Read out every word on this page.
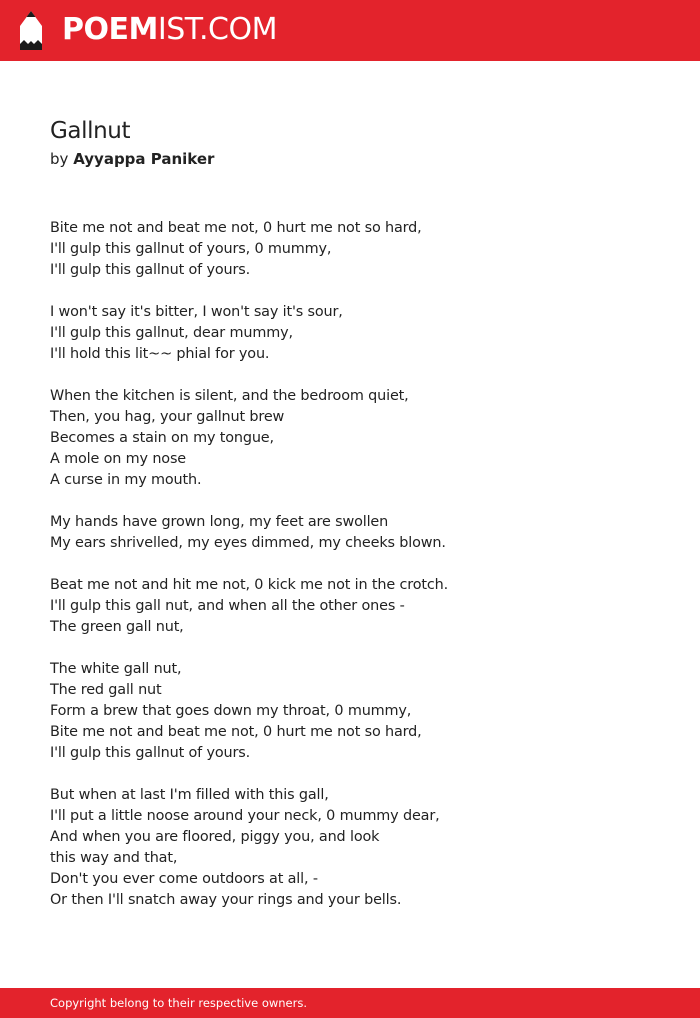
POEMIST.COM
Gallnut
by Ayyappa Paniker
Bite me not and beat me not, 0 hurt me not so hard,
I'll gulp this gallnut of yours, 0 mummy,
I'll gulp this gallnut of yours.
I won't say it's bitter, I won't say it's sour,
I'll gulp this gallnut, dear mummy,
I'll hold this lit~~ phial for you.
When the kitchen is silent, and the bedroom quiet,
Then, you hag, your gallnut brew
Becomes a stain on my tongue,
A mole on my nose
A curse in my mouth.
My hands have grown long, my feet are swollen
My ears shrivelled, my eyes dimmed, my cheeks blown.
Beat me not and hit me not, 0 kick me not in the crotch.
I'll gulp this gall nut, and when all the other ones -
The green gall nut,
The white gall nut,
The red gall nut
Form a brew that goes down my throat, 0 mummy,
Bite me not and beat me not, 0 hurt me not so hard,
I'll gulp this gallnut of yours.
But when at last I'm filled with this gall,
I'll put a little noose around your neck, 0 mummy dear,
And when you are floored, piggy you, and look
this way and that,
Don't you ever come outdoors at all, -
Or then I'll snatch away your rings and your bells.
Copyright belong to their respective owners.
